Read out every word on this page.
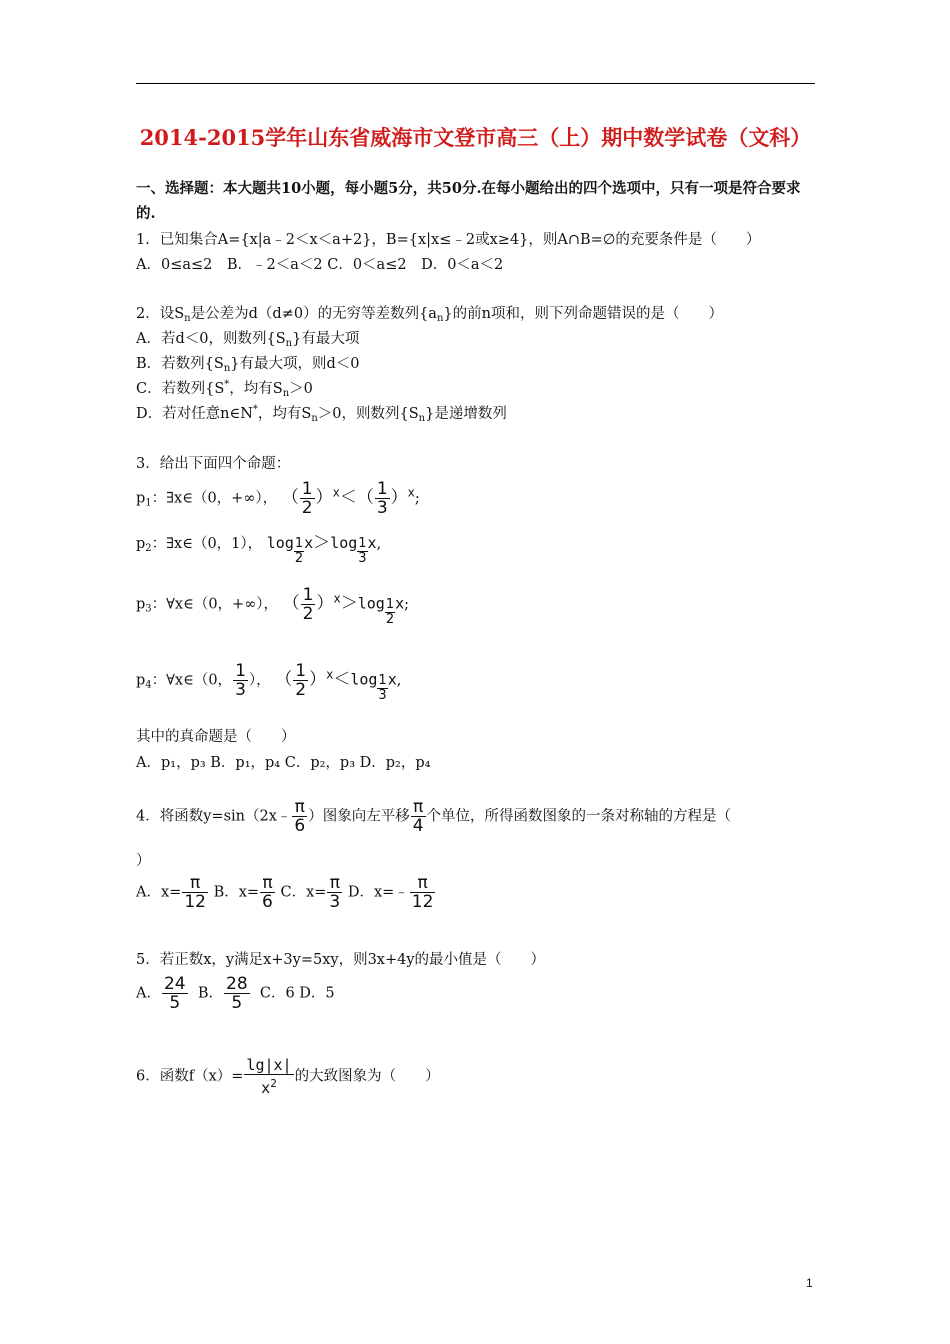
2014-2015学年山东省威海市文登市高三（上）期中数学试卷（文科）
一、选择题：本大题共10小题，每小题5分，共50分.在每小题给出的四个选项中，只有一项是符合要求的.
1．已知集合A={x|a﹣2＜x＜a+2}，B={x|x≤﹣2或x≥4}，则A∩B=∅的充要条件是（　　）
A．0≤a≤2　B．﹣2＜a＜2 C．0＜a≤2　D．0＜a＜2
2．设$S_n$是公差为d（d≠0）的无穷等差数列$\{a_n\}$的前n项和，则下列命题错误的是（　　）
A．若d＜0，则数列$\{S_n\}$有最大项
B．若数列$\{S_n\}$有最大项，则d＜0
C．若数列{S*，均有$S_n>0$
D．若对任意n∈N*，均有$S_n>0$，则数列$\{S_n\}$是递增数列
3．给出下面四个命题：
$p_1$：∃x∈（0，+∞）， （ $\frac{1}{2} )^x<( \frac{1}{3} )^x$;
$p_2$：∃x∈（0，1）， $\log \frac{1}{2} x>\log \frac{1}{3} x$,
$p_3$：∀x∈（0，+∞）， （ $\frac{1}{2} )^x>\log \frac{1}{2} x$;
$p_4$：∀x∈（0， $\frac{1}{3}$ ）， （ $\frac{1}{2} )^x<\log \frac{1}{3} x$,
其中的真命题是（　　）
A．p₁，p₃ B．p₁，p₄ C．p₂，p₃ D．p₂，p₄
4．将函数y=sin（2x﹣ $\frac{\pi}{6}$ ）图象向左平移 $\frac{\pi}{4}$ 个单位，所得函数图象的一条对称轴的方程是（
）
A．$x= \frac{\pi}{12}$ B．$x= \frac{\pi}{6}$ C．$x= \frac{\pi}{3}$ D．x=﹣ $\frac{\pi}{12}$
5．若正数x，y满足x+3y=5xy，则3x+4y的最小值是（　　）
A． $\frac{24}{5}$ B． $\frac{28}{5}$ C．6 D．5
6．函数$f(x)= \frac{\lg|x|}{x^2}$ 的大致图象为（　　）
1
